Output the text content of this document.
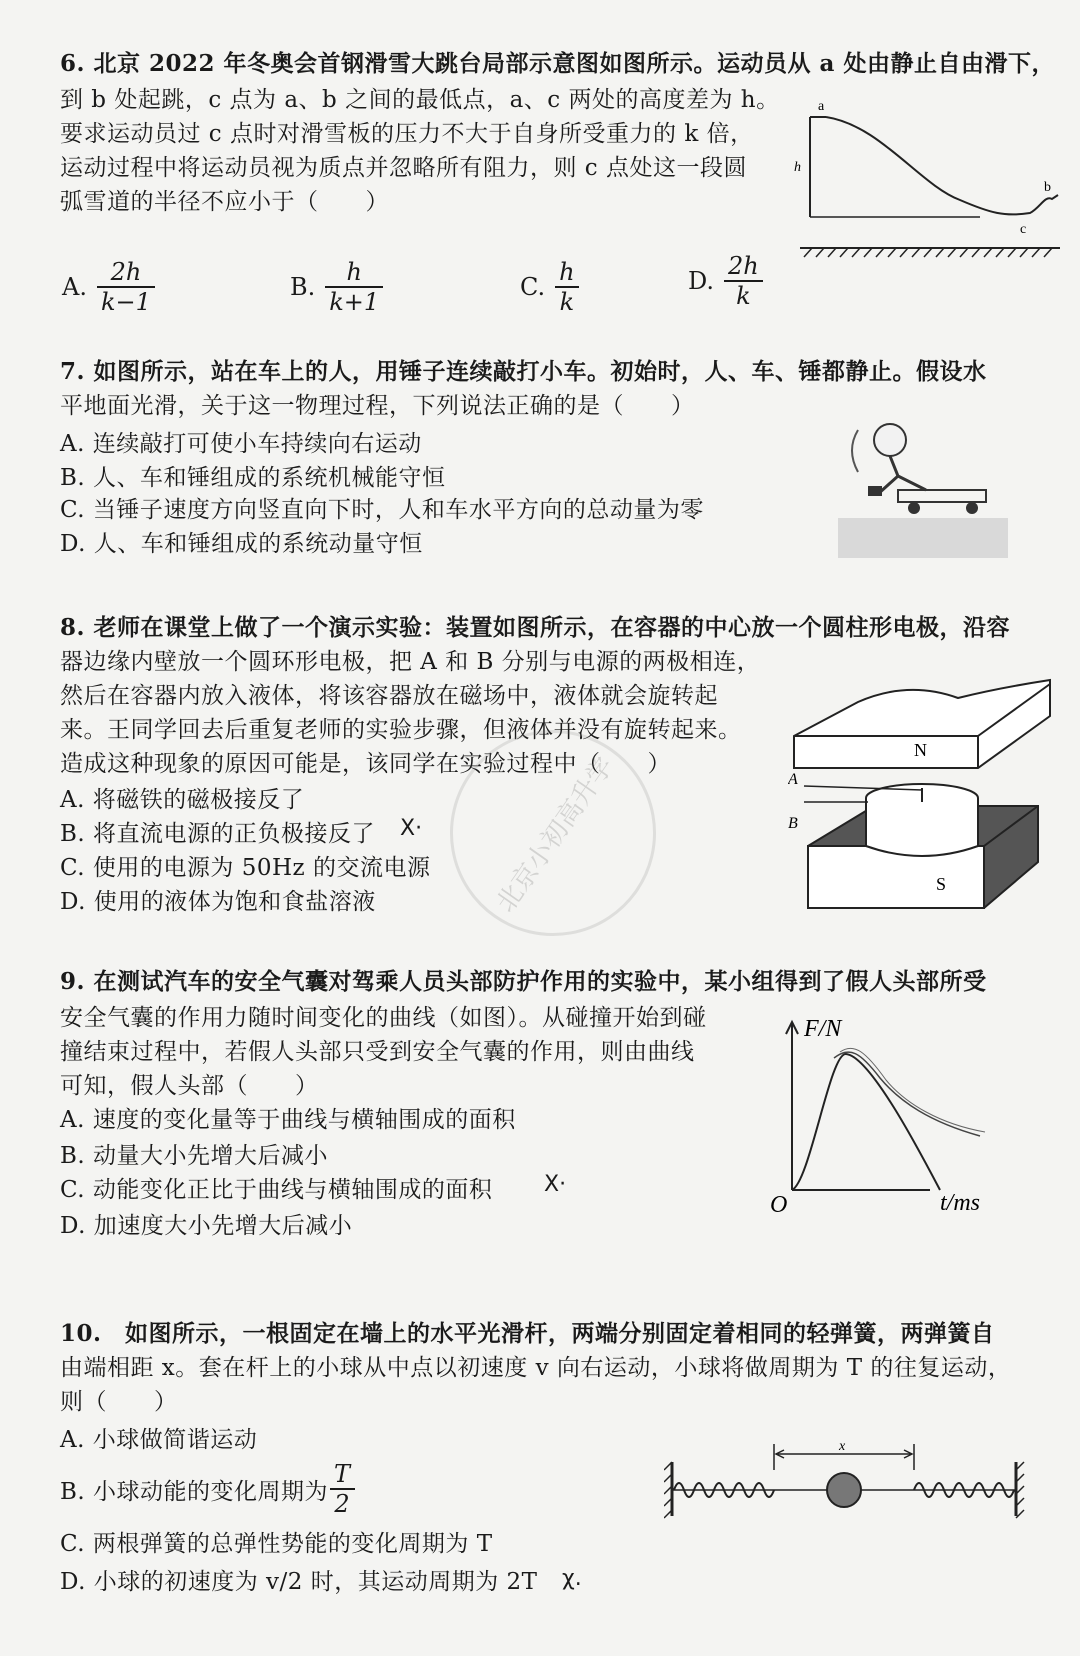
6. 北京 2022 年冬奥会首钢滑雪大跳台局部示意图如图所示。运动员从 a 处由静止自由滑下，
到 b 处起跳，c 点为 a、b 之间的最低点，a、c 两处的高度差为 h。
要求运动员过 c 点时对滑雪板的压力不大于自身所受重力的 k 倍，
运动过程中将运动员视为质点并忽略所有阻力，则 c 点处这一段圆
弧雪道的半径不应小于（　　）
A. $\frac{2h}{k-1}$	B. $\frac{h}{k+1}$	C. $\frac{h}{k}$	D. $\frac{2h}{k}$
a
h
c
b
7. 如图所示，站在车上的人，用锤子连续敲打小车。初始时，人、车、锤都静止。假设水
平地面光滑，关于这一物理过程，下列说法正确的是（　　）
A. 连续敲打可使小车持续向右运动
B. 人、车和锤组成的系统机械能守恒
C. 当锤子速度方向竖直向下时，人和车水平方向的总动量为零
D. 人、车和锤组成的系统动量守恒
8. 老师在课堂上做了一个演示实验：装置如图所示，在容器的中心放一个圆柱形电极，沿容
器边缘内壁放一个圆环形电极，把 A 和 B 分别与电源的两极相连，
然后在容器内放入液体，将该容器放在磁场中，液体就会旋转起
来。王同学回去后重复老师的实验步骤，但液体并没有旋转起来。
造成这种现象的原因可能是，该同学在实验过程中（　　）
A. 将磁铁的磁极接反了
B. 将直流电源的正负极接反了 X·
C. 使用的电源为 50Hz 的交流电源
D. 使用的液体为饱和食盐溶液
N
S
A
B
9. 在测试汽车的安全气囊对驾乘人员头部防护作用的实验中，某小组得到了假人头部所受
安全气囊的作用力随时间变化的曲线（如图）。从碰撞开始到碰
撞结束过程中，若假人头部只受到安全气囊的作用，则由曲线
可知，假人头部（　　）
A. 速度的变化量等于曲线与横轴围成的面积
B. 动量大小先增大后减小
C. 动能变化正比于曲线与横轴围成的面积 X·
D. 加速度大小先增大后减小
F/N
O	t/ms
10.　如图所示，一根固定在墙上的水平光滑杆，两端分别固定着相同的轻弹簧，两弹簧自
由端相距 x。套在杆上的小球从中点以初速度 v 向右运动，小球将做周期为 T 的往复运动，
则（　　）
A. 小球做简谐运动
B. 小球动能的变化周期为 $\frac{T}{2}$
C. 两根弹簧的总弹性势能的变化周期为 T
D. 小球的初速度为 v/2 时，其运动周期为 2T χ.
x
北京小初高升学
